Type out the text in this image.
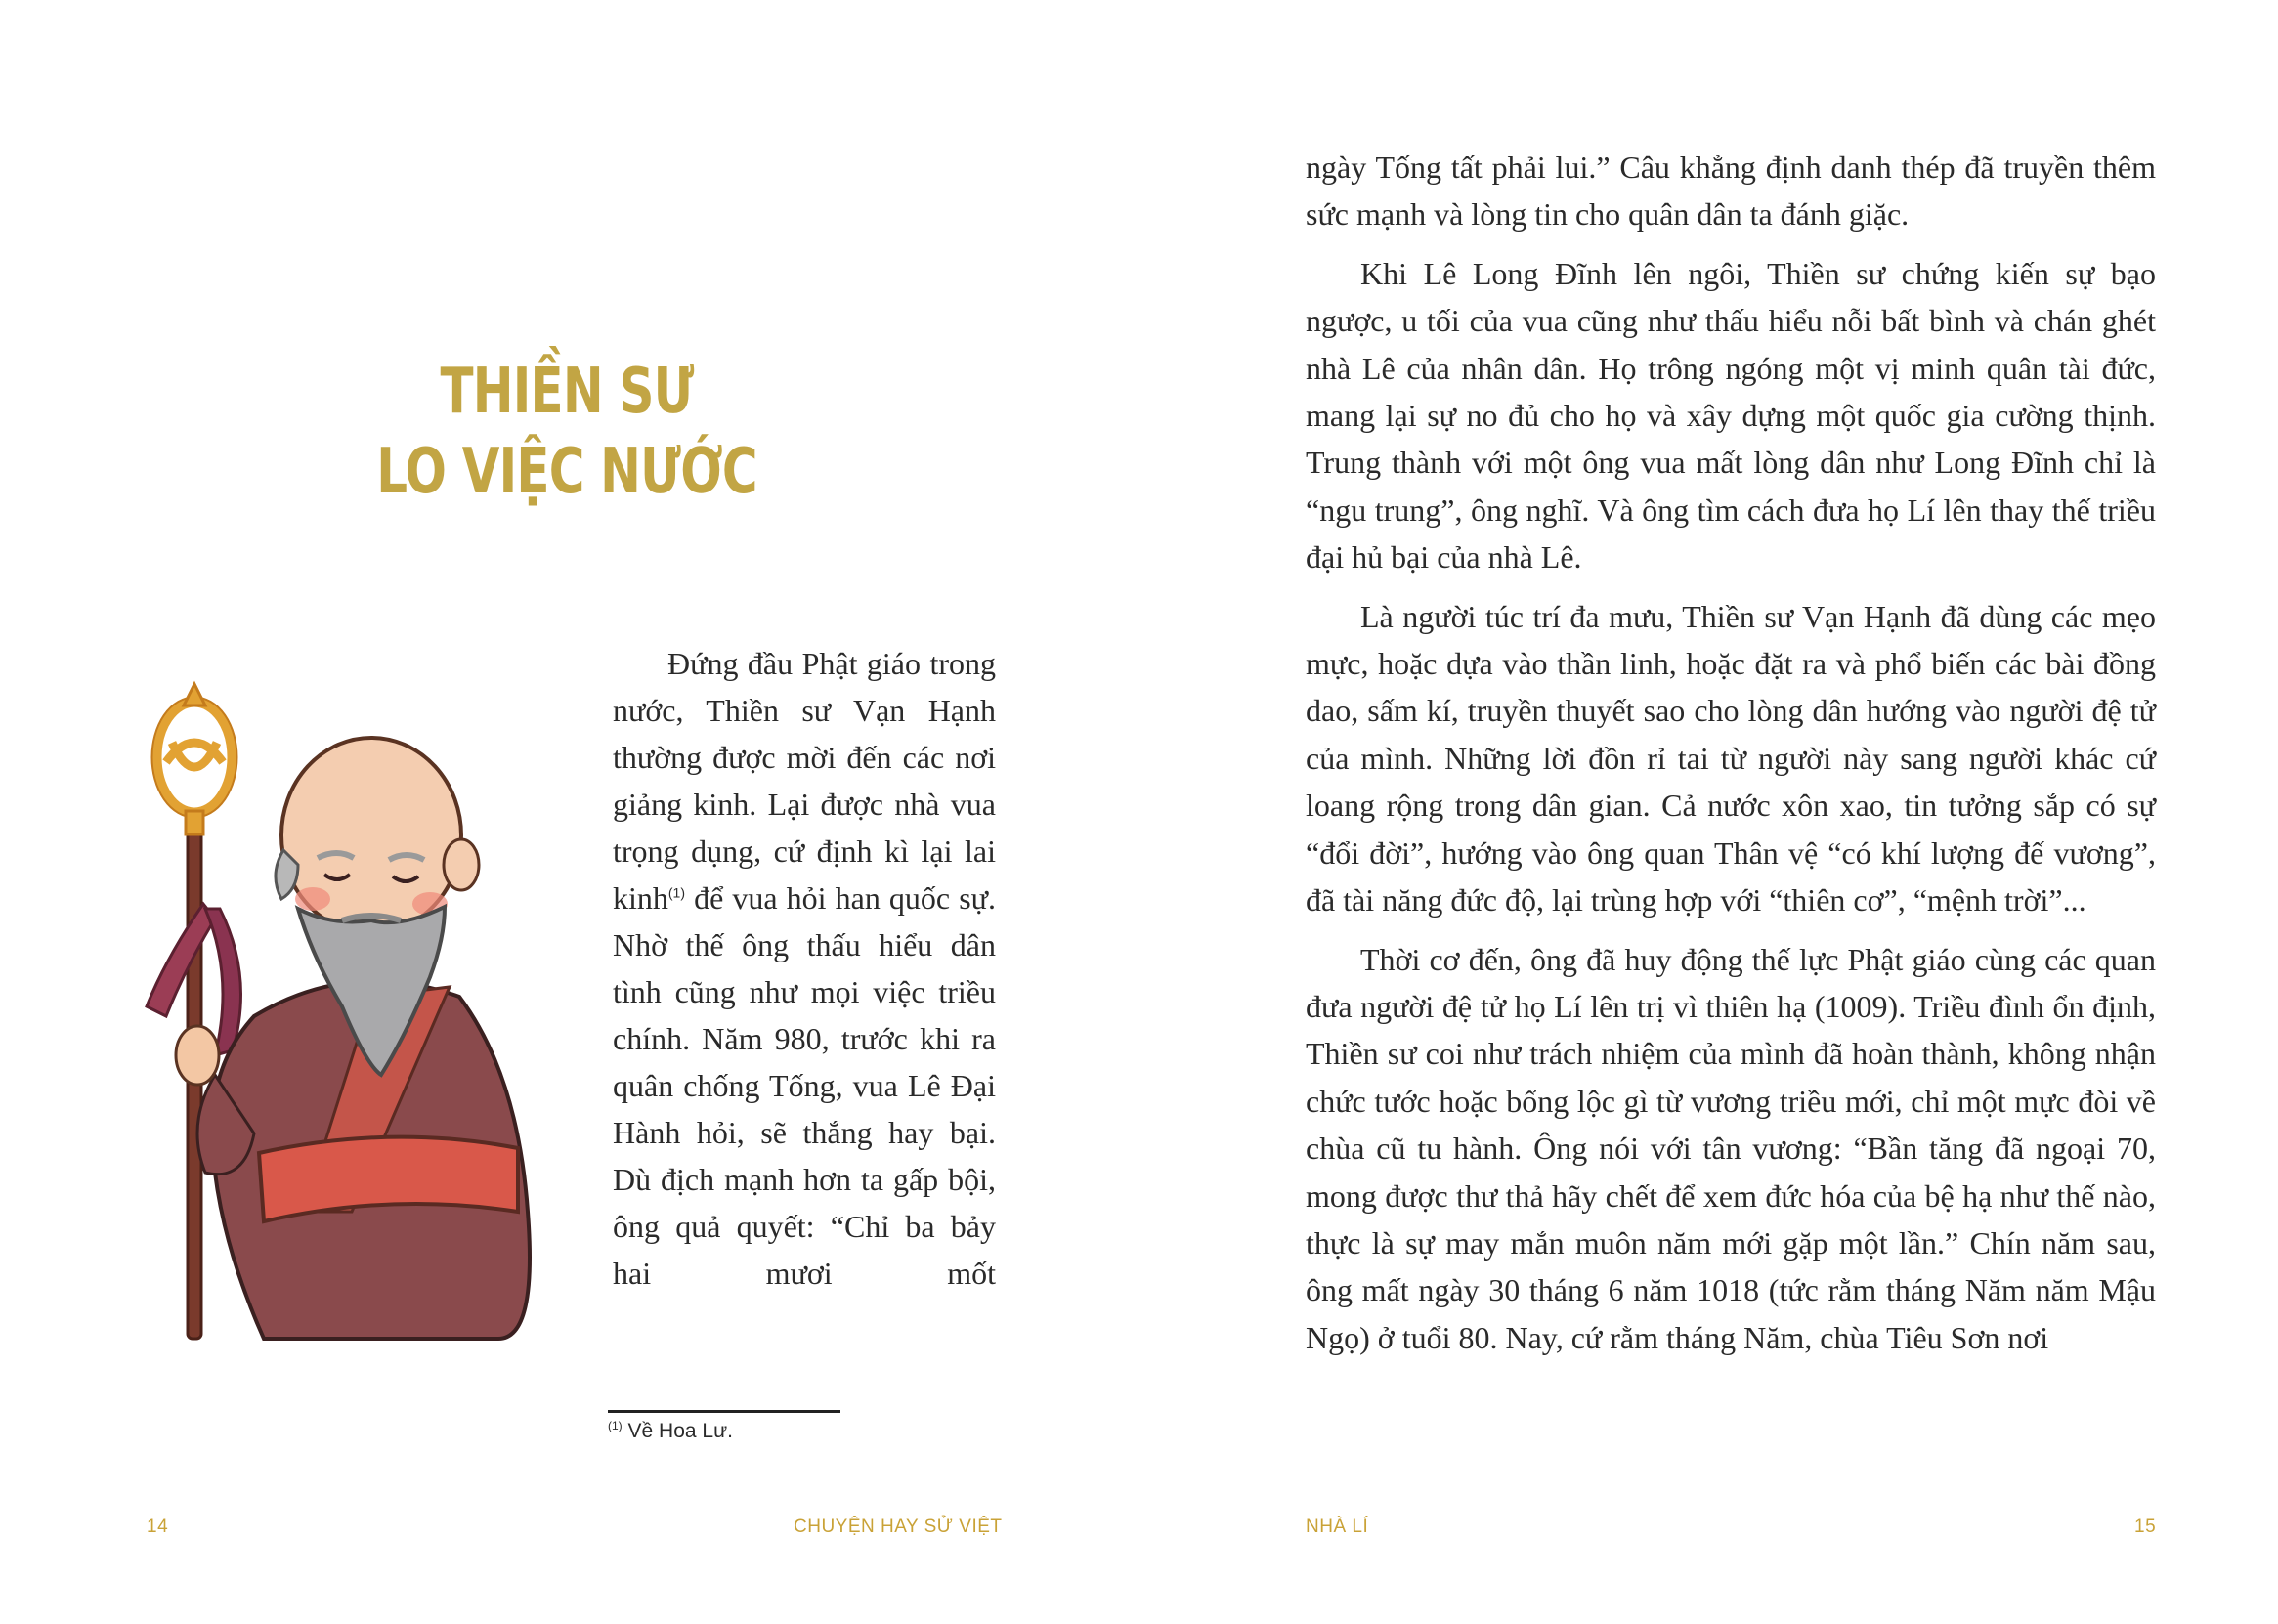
THIỀN SƯ
LO VIỆC NƯỚC

Đứng đầu Phật giáo trong nước, Thiền sư Vạn Hạnh thường được mời đến các nơi giảng kinh. Lại được nhà vua trọng dụng, cứ định kì lại lai kinh$^{(1)}$ để vua hỏi han quốc sự. Nhờ thế ông thấu hiểu dân tình cũng như mọi việc triều chính. Năm 980, trước khi ra quân chống Tống, vua Lê Đại Hành hỏi, sẽ thắng hay bại. Dù địch mạnh hơn ta gấp bội, ông quả quyết: “Chỉ ba bảy hai mươi mốt

$^{(1)}$ Về Hoa Lư.
14	CHUYỆN HAY SỬ VIỆT

ngày Tống tất phải lui.” Câu khẳng định danh thép đã truyền thêm sức mạnh và lòng tin cho quân dân ta đánh giặc.

Khi Lê Long Đĩnh lên ngôi, Thiền sư chứng kiến sự bạo ngược, u tối của vua cũng như thấu hiểu nỗi bất bình và chán ghét nhà Lê của nhân dân. Họ trông ngóng một vị minh quân tài đức, mang lại sự no đủ cho họ và xây dựng một quốc gia cường thịnh. Trung thành với một ông vua mất lòng dân như Long Đĩnh chỉ là “ngu trung”, ông nghĩ. Và ông tìm cách đưa họ Lí lên thay thế triều đại hủ bại của nhà Lê.

Là người túc trí đa mưu, Thiền sư Vạn Hạnh đã dùng các mẹo mực, hoặc dựa vào thần linh, hoặc đặt ra và phổ biến các bài đồng dao, sấm kí, truyền thuyết sao cho lòng dân hướng vào người đệ tử của mình. Những lời đồn rỉ tai từ người này sang người khác cứ loang rộng trong dân gian. Cả nước xôn xao, tin tưởng sắp có sự “đổi đời”, hướng vào ông quan Thân vệ “có khí lượng đế vương”, đã tài năng đức độ, lại trùng hợp với “thiên cơ”, “mệnh trời”...

Thời cơ đến, ông đã huy động thế lực Phật giáo cùng các quan đưa người đệ tử họ Lí lên trị vì thiên hạ (1009). Triều đình ổn định, Thiền sư coi như trách nhiệm của mình đã hoàn thành, không nhận chức tước hoặc bổng lộc gì từ vương triều mới, chỉ một mực đòi về chùa cũ tu hành. Ông nói với tân vương: “Bần tăng đã ngoại 70, mong được thư thả hãy chết để xem đức hóa của bệ hạ như thế nào, thực là sự may mắn muôn năm mới gặp một lần.” Chín năm sau, ông mất ngày 30 tháng 6 năm 1018 (tức rằm tháng Năm năm Mậu Ngọ) ở tuổi 80. Nay, cứ rằm tháng Năm, chùa Tiêu Sơn nơi

NHÀ LÍ	15
